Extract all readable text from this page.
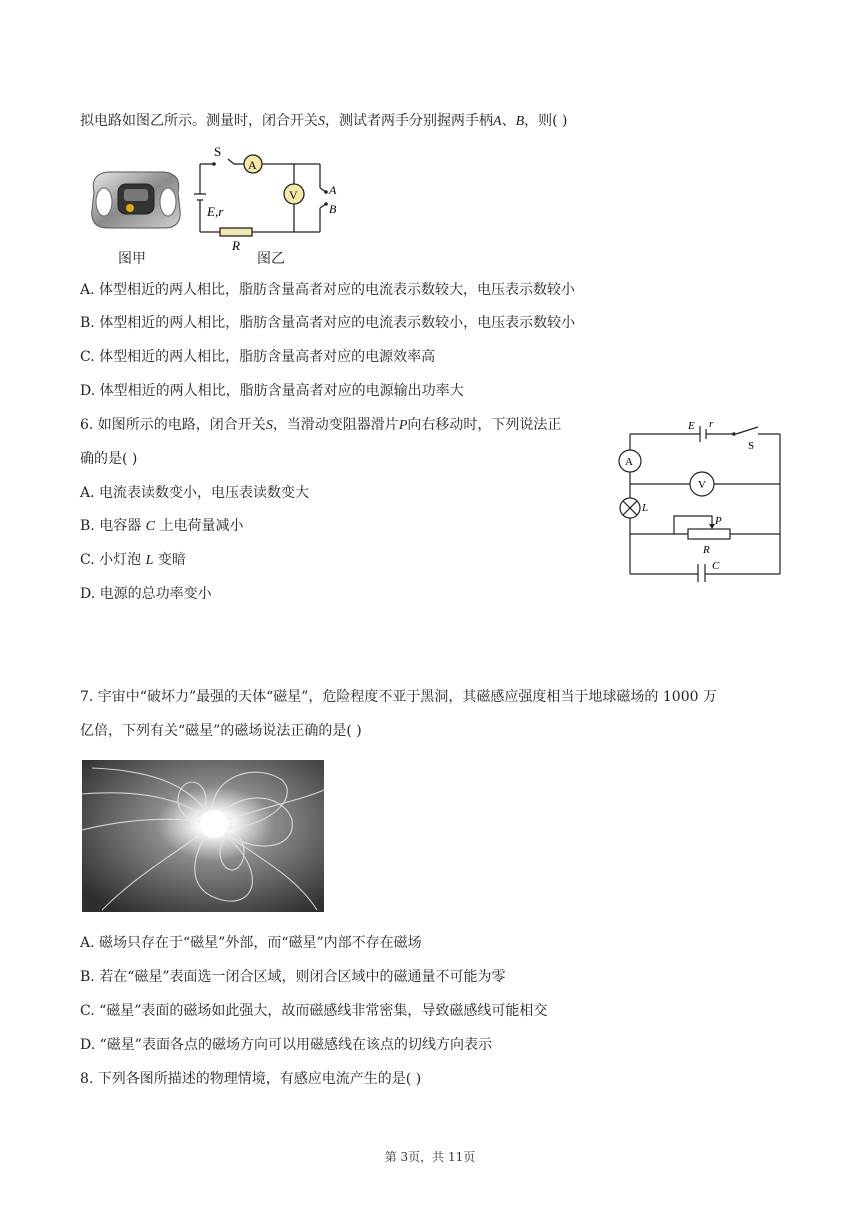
拟电路如图乙所示。测量时，闭合开关S，测试者两手分别握两手柄A、B，则( )
图甲
S
A
V	A
B
E,r
R
图乙
A. 体型相近的两人相比，脂肪含量高者对应的电流表示数较大，电压表示数较小
B. 体型相近的两人相比，脂肪含量高者对应的电流表示数较小，电压表示数较小
C. 体型相近的两人相比，脂肪含量高者对应的电源效率高
D. 体型相近的两人相比，脂肪含量高者对应的电源输出功率大
6. 如图所示的电路，闭合开关S，当滑动变阻器滑片P向右移动时，下列说法正
确的是( )
A. 电流表读数变小，电压表读数变大
B. 电容器 C 上电荷量减小
C. 小灯泡 L 变暗
D. 电源的总功率变小
E r
S
A
V
L
P
R
C
7. 宇宙中“破坏力”最强的天体“磁星”，危险程度不亚于黑洞，其磁感应强度相当于地球磁场的 1000 万
亿倍，下列有关“磁星”的磁场说法正确的是( )
A. 磁场只存在于“磁星”外部，而“磁星”内部不存在磁场
B. 若在“磁星”表面选一闭合区域，则闭合区域中的磁通量不可能为零
C. “磁星”表面的磁场如此强大，故而磁感线非常密集，导致磁感线可能相交
D. “磁星”表面各点的磁场方向可以用磁感线在该点的切线方向表示
8. 下列各图所描述的物理情境，有感应电流产生的是( )
第 3页，共 11页
